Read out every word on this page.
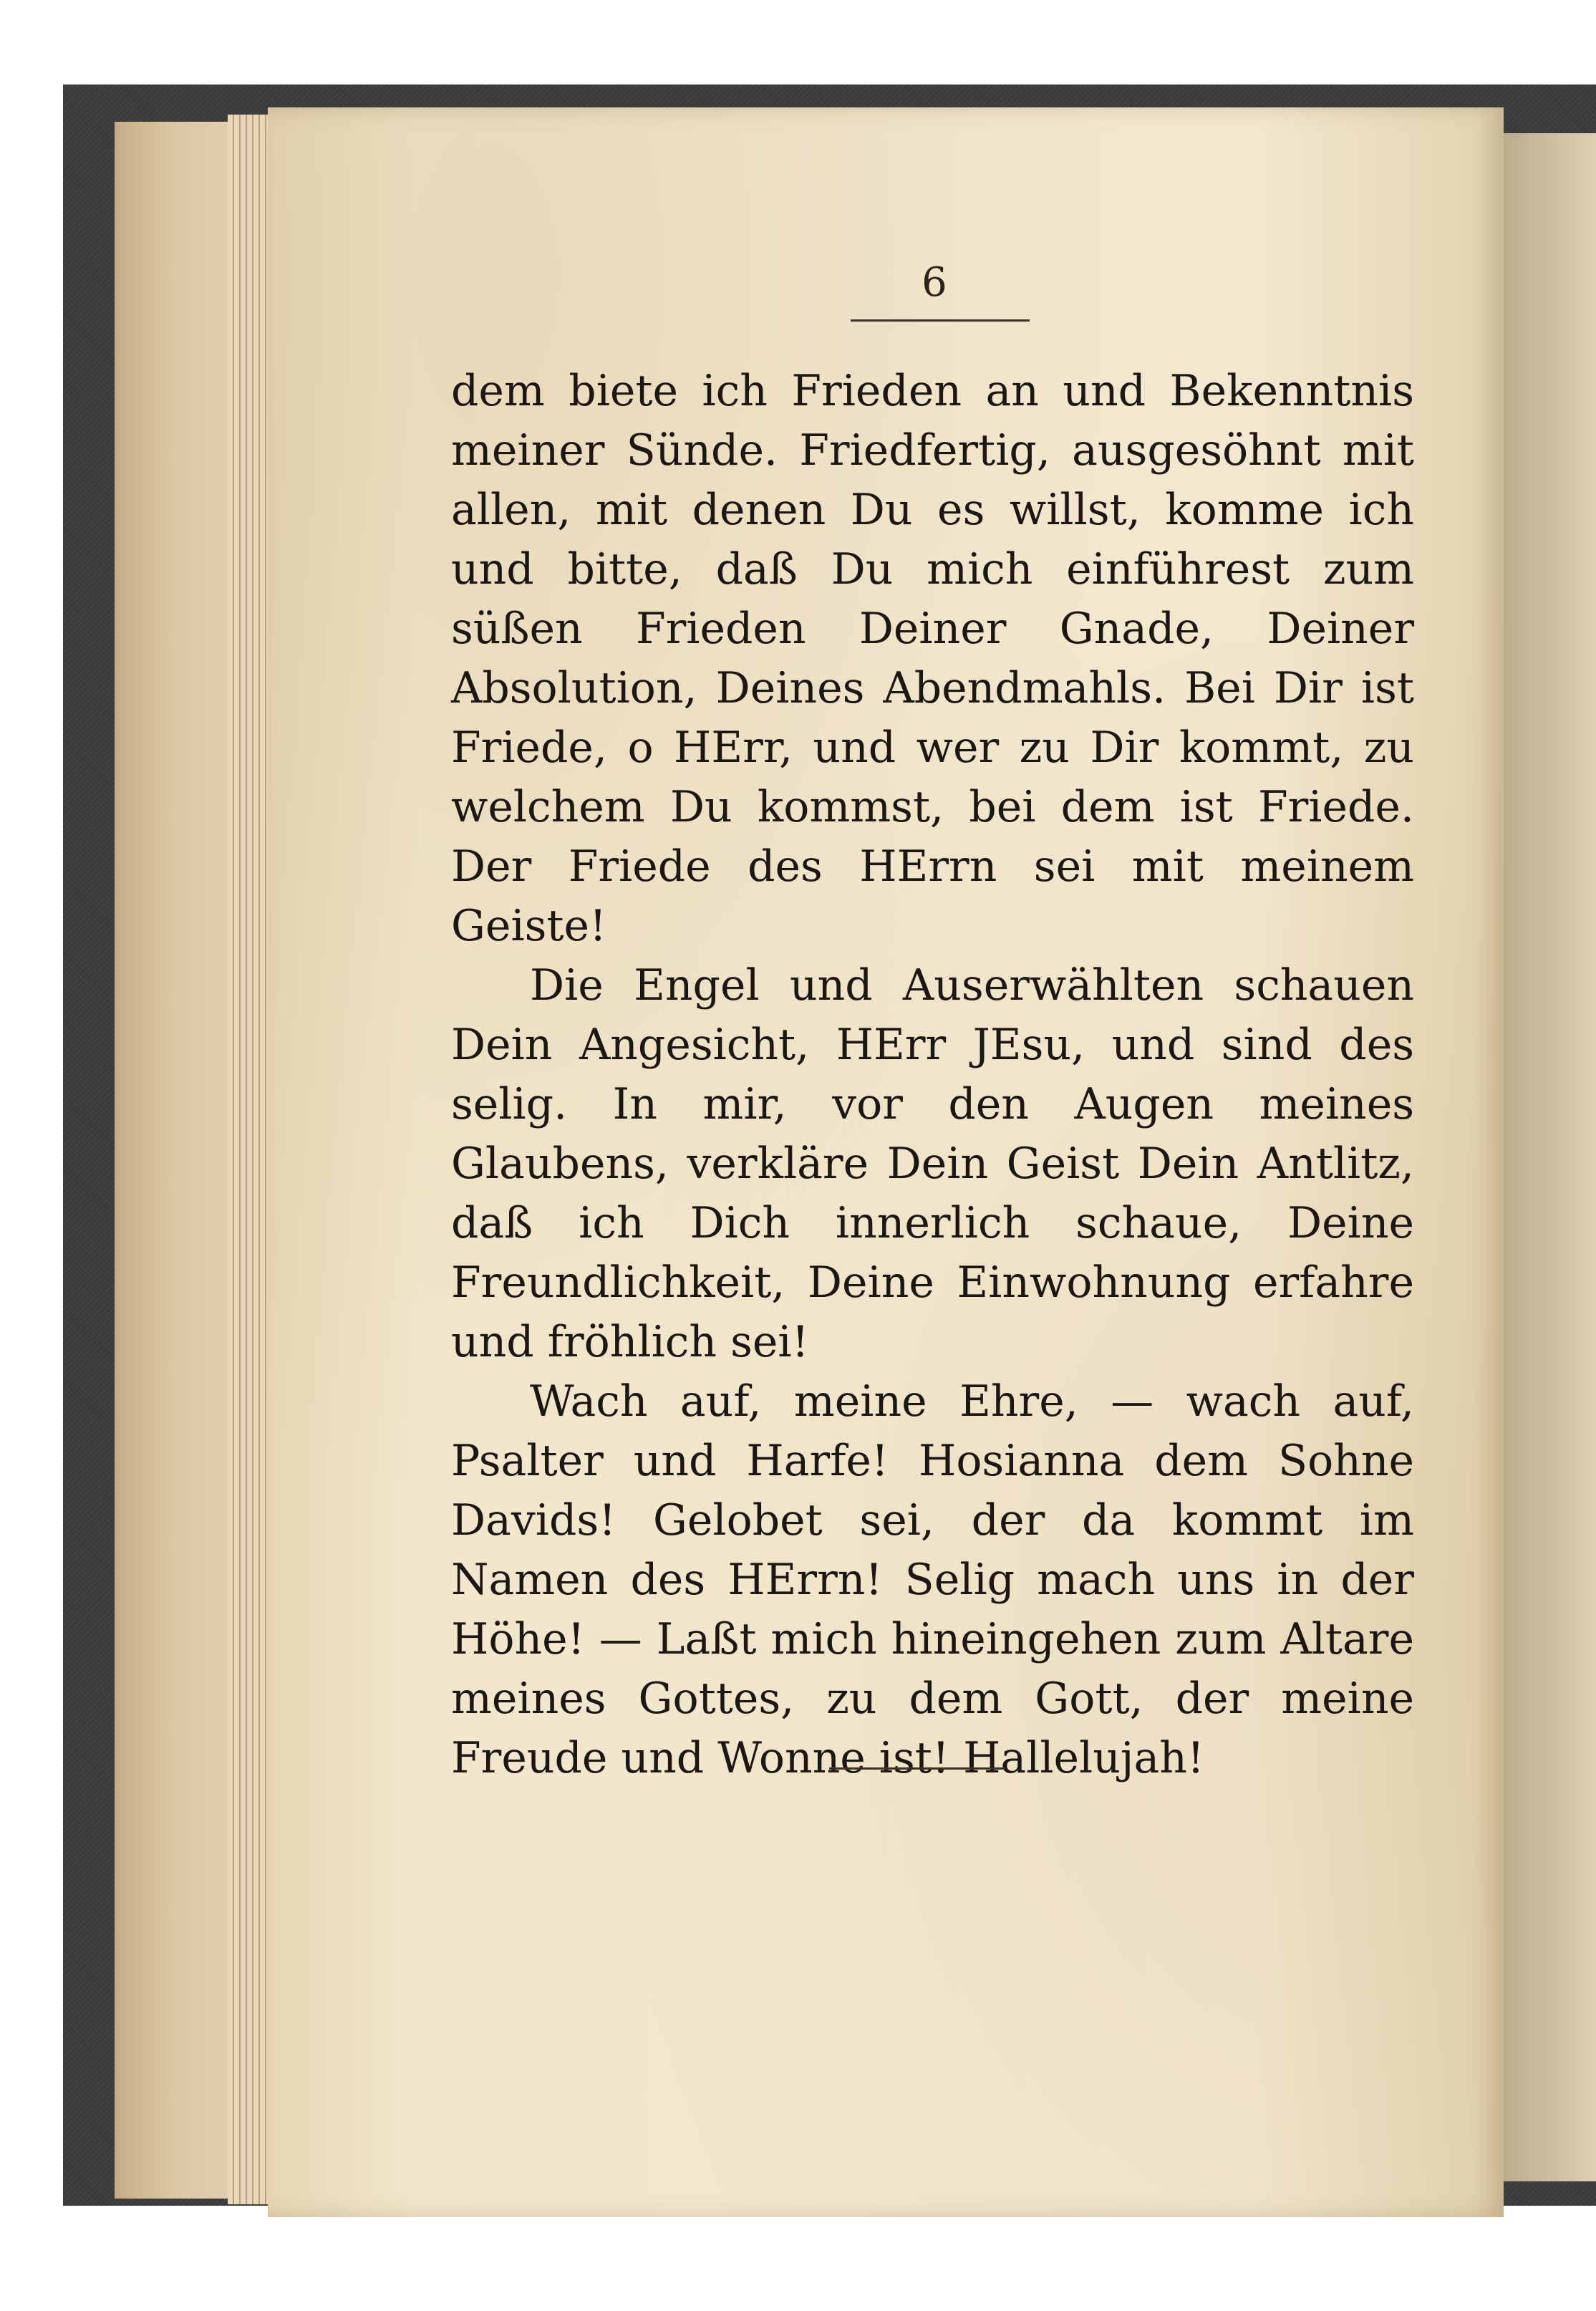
6

dem biete ich Frieden an und Bekenntnis meiner Sünde. Friedfertig, ausgesöhnt mit allen, mit denen Du es willst, komme ich und bitte, daß Du mich einführest zum süßen Frieden Deiner Gnade, Deiner Absolution, Deines Abendmahls. Bei Dir ist Friede, o HErr, und wer zu Dir kommt, zu welchem Du kommst, bei dem ist Friede. Der Friede des HErrn sei mit meinem Geiste!

Die Engel und Auserwählten schauen Dein Angesicht, HErr JEsu, und sind des selig. In mir, vor den Augen meines Glaubens, verkläre Dein Geist Dein Antlitz, daß ich Dich innerlich schaue, Deine Freundlichkeit, Deine Einwohnung erfahre und fröhlich sei!

Wach auf, meine Ehre, — wach auf, Psalter und Harfe! Hosianna dem Sohne Davids! Gelobet sei, der da kommt im Namen des HErrn! Selig mach uns in der Höhe! — Laßt mich hineingehen zum Altare meines Gottes, zu dem Gott, der meine Freude und Wonne ist! Hallelujah!
